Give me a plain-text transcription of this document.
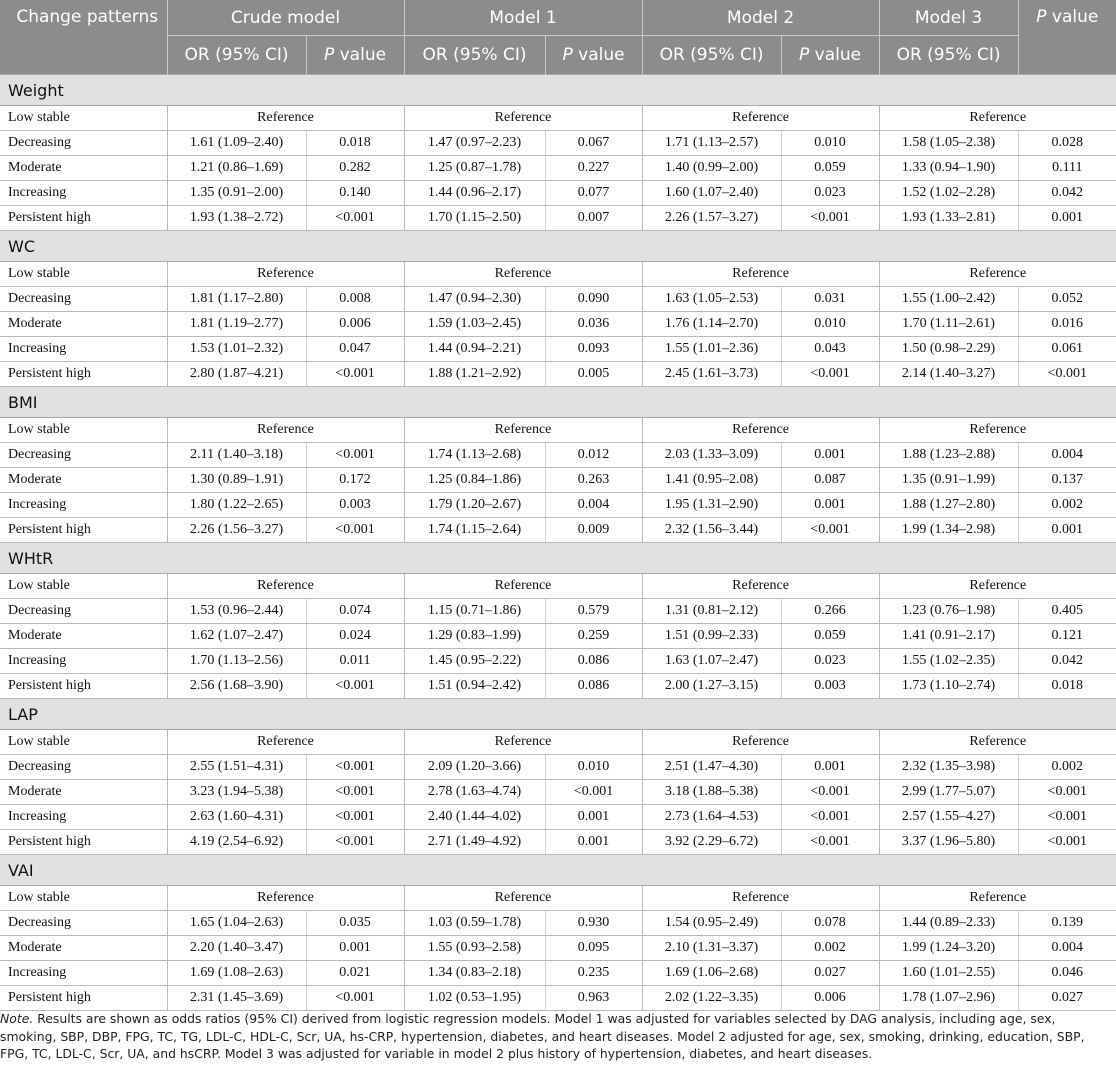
Change patterns	Crude model		Model 1		Model 2		Model 3	P value
	OR (95% CI)	P value	OR (95% CI)	P value	OR (95% CI)	P value	OR (95% CI)	
Weight								
Low stable	Reference		Reference		Reference		Reference	
Decreasing	1.61 (1.09–2.40)	0.018	1.47 (0.97–2.23)	0.067	1.71 (1.13–2.57)	0.010	1.58 (1.05–2.38)	0.028
Moderate	1.21 (0.86–1.69)	0.282	1.25 (0.87–1.78)	0.227	1.40 (0.99–2.00)	0.059	1.33 (0.94–1.90)	0.111
Increasing	1.35 (0.91–2.00)	0.140	1.44 (0.96–2.17)	0.077	1.60 (1.07–2.40)	0.023	1.52 (1.02–2.28)	0.042
Persistent high	1.93 (1.38–2.72)	<0.001	1.70 (1.15–2.50)	0.007	2.26 (1.57–3.27)	<0.001	1.93 (1.33–2.81)	0.001
WC								
Low stable	Reference		Reference		Reference		Reference	
Decreasing	1.81 (1.17–2.80)	0.008	1.47 (0.94–2.30)	0.090	1.63 (1.05–2.53)	0.031	1.55 (1.00–2.42)	0.052
Moderate	1.81 (1.19–2.77)	0.006	1.59 (1.03–2.45)	0.036	1.76 (1.14–2.70)	0.010	1.70 (1.11–2.61)	0.016
Increasing	1.53 (1.01–2.32)	0.047	1.44 (0.94–2.21)	0.093	1.55 (1.01–2.36)	0.043	1.50 (0.98–2.29)	0.061
Persistent high	2.80 (1.87–4.21)	<0.001	1.88 (1.21–2.92)	0.005	2.45 (1.61–3.73)	<0.001	2.14 (1.40–3.27)	<0.001
BMI								
Low stable	Reference		Reference		Reference		Reference	
Decreasing	2.11 (1.40–3.18)	<0.001	1.74 (1.13–2.68)	0.012	2.03 (1.33–3.09)	0.001	1.88 (1.23–2.88)	0.004
Moderate	1.30 (0.89–1.91)	0.172	1.25 (0.84–1.86)	0.263	1.41 (0.95–2.08)	0.087	1.35 (0.91–1.99)	0.137
Increasing	1.80 (1.22–2.65)	0.003	1.79 (1.20–2.67)	0.004	1.95 (1.31–2.90)	0.001	1.88 (1.27–2.80)	0.002
Persistent high	2.26 (1.56–3.27)	<0.001	1.74 (1.15–2.64)	0.009	2.32 (1.56–3.44)	<0.001	1.99 (1.34–2.98)	0.001
WHtR								
Low stable	Reference		Reference		Reference		Reference	
Decreasing	1.53 (0.96–2.44)	0.074	1.15 (0.71–1.86)	0.579	1.31 (0.81–2.12)	0.266	1.23 (0.76–1.98)	0.405
Moderate	1.62 (1.07–2.47)	0.024	1.29 (0.83–1.99)	0.259	1.51 (0.99–2.33)	0.059	1.41 (0.91–2.17)	0.121
Increasing	1.70 (1.13–2.56)	0.011	1.45 (0.95–2.22)	0.086	1.63 (1.07–2.47)	0.023	1.55 (1.02–2.35)	0.042
Persistent high	2.56 (1.68–3.90)	<0.001	1.51 (0.94–2.42)	0.086	2.00 (1.27–3.15)	0.003	1.73 (1.10–2.74)	0.018
LAP								
Low stable	Reference		Reference		Reference		Reference	
Decreasing	2.55 (1.51–4.31)	<0.001	2.09 (1.20–3.66)	0.010	2.51 (1.47–4.30)	0.001	2.32 (1.35–3.98)	0.002
Moderate	3.23 (1.94–5.38)	<0.001	2.78 (1.63–4.74)	<0.001	3.18 (1.88–5.38)	<0.001	2.99 (1.77–5.07)	<0.001
Increasing	2.63 (1.60–4.31)	<0.001	2.40 (1.44–4.02)	0.001	2.73 (1.64–4.53)	<0.001	2.57 (1.55–4.27)	<0.001
Persistent high	4.19 (2.54–6.92)	<0.001	2.71 (1.49–4.92)	0.001	3.92 (2.29–6.72)	<0.001	3.37 (1.96–5.80)	<0.001
VAI								
Low stable	Reference		Reference		Reference		Reference	
Decreasing	1.65 (1.04–2.63)	0.035	1.03 (0.59–1.78)	0.930	1.54 (0.95–2.49)	0.078	1.44 (0.89–2.33)	0.139
Moderate	2.20 (1.40–3.47)	0.001	1.55 (0.93–2.58)	0.095	2.10 (1.31–3.37)	0.002	1.99 (1.24–3.20)	0.004
Increasing	1.69 (1.08–2.63)	0.021	1.34 (0.83–2.18)	0.235	1.69 (1.06–2.68)	0.027	1.60 (1.01–2.55)	0.046
Persistent high	2.31 (1.45–3.69)	<0.001	1.02 (0.53–1.95)	0.963	2.02 (1.22–3.35)	0.006	1.78 (1.07–2.96)	0.027
Note. Results are shown as odds ratios (95% CI) derived from logistic regression models. Model 1 was adjusted for variables selected by DAG analysis, including age, sex, smoking, SBP, DBP, FPG, TC, TG, LDL-C, HDL-C, Scr, UA, hs-CRP, hypertension, diabetes, and heart diseases. Model 2 adjusted for age, sex, smoking, drinking, education, SBP, FPG, TC, LDL-C, Scr, UA, and hsCRP. Model 3 was adjusted for variable in model 2 plus history of hypertension, diabetes, and heart diseases.
